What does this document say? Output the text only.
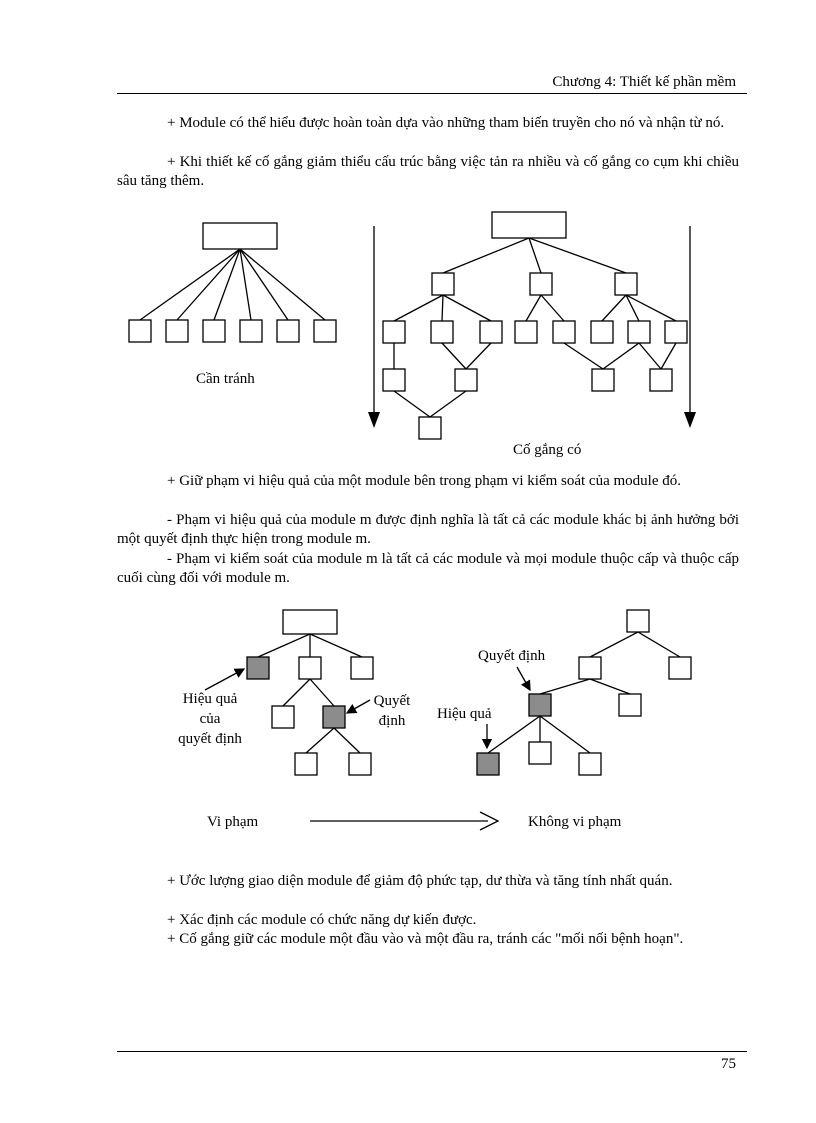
Chương 4: Thiết kế phần mềm

+ Module có thể hiểu được hoàn toàn dựa vào những tham biến truyền cho nó và nhận từ nó.

+ Khi thiết kế cố gắng giảm thiểu cấu trúc bằng việc tản ra nhiều và cố gắng co cụm khi chiều sâu tăng thêm.

Cần tránh
Cố gắng có

+ Giữ phạm vi hiệu quả của một module bên trong phạm vi kiểm soát của module đó.

- Phạm vi hiệu quả của module m được định nghĩa là tất cả các module khác bị ảnh hưởng bởi một quyết định thực hiện trong module m.

- Phạm vi kiểm soát của module m là tất cả các module và mọi module thuộc cấp và thuộc cấp cuối cùng đối với module m.

Hiệu quả
của
quyết định
Quyết
định
Quyết định
Hiệu quả
Vi phạm	Không vi phạm

+ Ước lượng giao diện module để giảm độ phức tạp, dư thừa và tăng tính nhất quán.

+ Xác định các module có chức năng dự kiến được.

+ Cố gắng giữ các module một đầu vào và một đầu ra, tránh các "mối nối bệnh hoạn".

75
